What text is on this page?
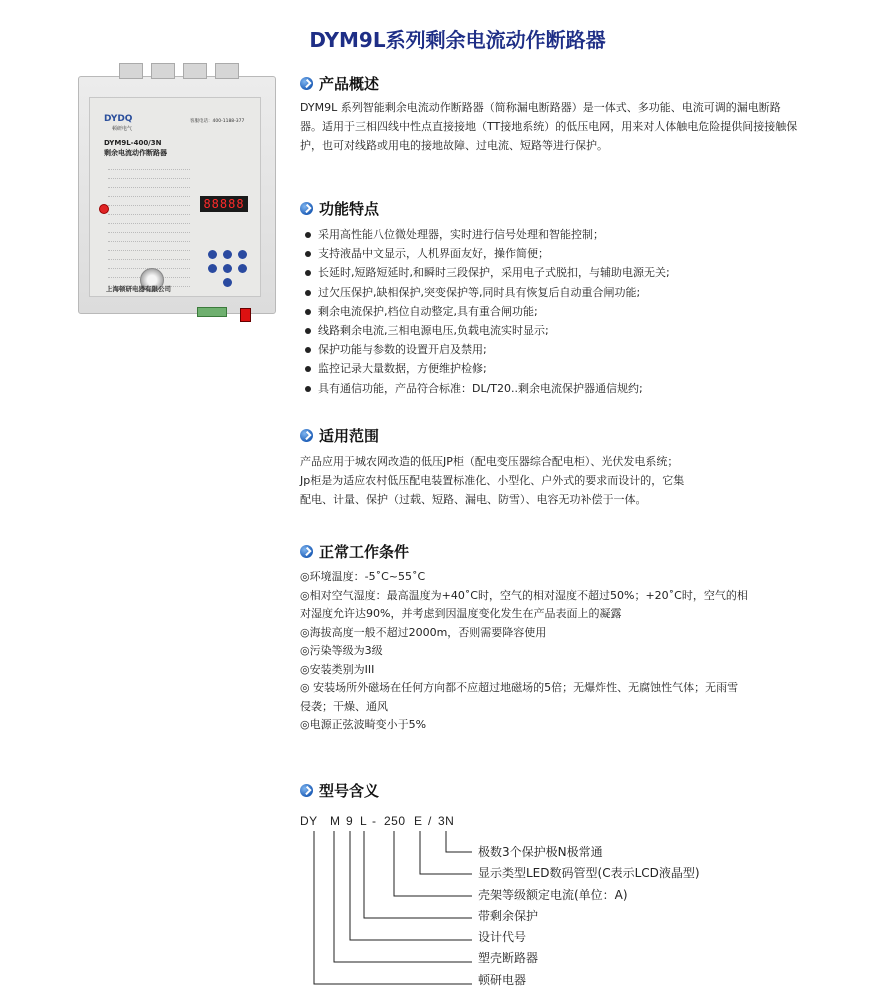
DYM9L系列剩余电流动作断路器
DYDQ
顿研电气
客服电话：400-1188-377
DYM9L-400/3N
剩余电流动作断路器
88888
上海顿研电器有限公司
产品概述
DYM9L 系列智能剩余电流动作断路器（简称漏电断路器）是一体式、多功能、电流可调的漏电断路器。适用于三相四线中性点直接接地（TT接地系统）的低压电网，用来对人体触电危险提供间接接触保护，也可对线路或用电的接地故障、过电流、短路等进行保护。
功能特点
采用高性能八位微处理器，实时进行信号处理和智能控制；
支持液晶中文显示，人机界面友好，操作简便；
长延时,短路短延时,和瞬时三段保护，采用电子式脱扣，与辅助电源无关;
过欠压保护,缺相保护,突变保护等,同时具有恢复后自动重合闸功能;
剩余电流保护,档位自动整定,具有重合闸功能;
线路剩余电流,三相电源电压,负载电流实时显示;
保护功能与参数的设置开启及禁用;
监控记录大量数据，方便维护检修;
具有通信功能，产品符合标准：DL/T20..剩余电流保护器通信规约;
适用范围
产品应用于城农网改造的低压JP柜（配电变压器综合配电柜）、光伏发电系统；
Jp柜是为适应农村低压配电装置标准化、小型化、户外式的要求而设计的，它集
配电、计量、保护（过载、短路、漏电、防雪）、电容无功补偿于一体。
正常工作条件
◎环境温度：-5˚C~55˚C
◎相对空气湿度：最高温度为+40˚C时，空气的相对湿度不超过50%；+20˚C时，空气的相
对湿度允许达90%，并考虑到因温度变化发生在产品表面上的凝露
◎海拔高度一般不超过2000m，否则需要降容使用
◎污染等级为3级
◎安装类别为III
◎ 安装场所外磁场在任何方向都不应超过地磁场的5倍；无爆炸性、无腐蚀性气体；无雨雪
侵袭；干燥、通风
◎电源正弦波畸变小于5%
型号含义
DY M 9 L - 250 E / 3N
极数3个保护极N极常通
显示类型LED数码管型(C表示LCD液晶型)
壳架等级额定电流(单位：A)
带剩余保护
设计代号
塑壳断路器
顿研电器
